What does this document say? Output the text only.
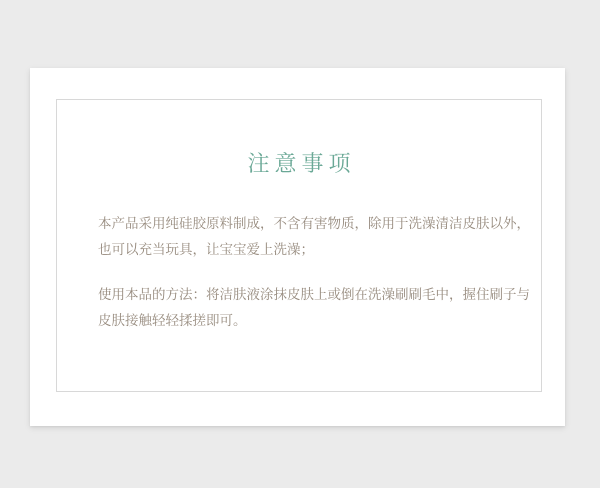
注意事项

本产品采用纯硅胶原料制成，不含有害物质，除用于洗澡清洁皮肤以外，也可以充当玩具，让宝宝爱上洗澡；

使用本品的方法：将洁肤液涂抹皮肤上或倒在洗澡刷刷毛中，握住刷子与皮肤接触轻轻揉搓即可。
